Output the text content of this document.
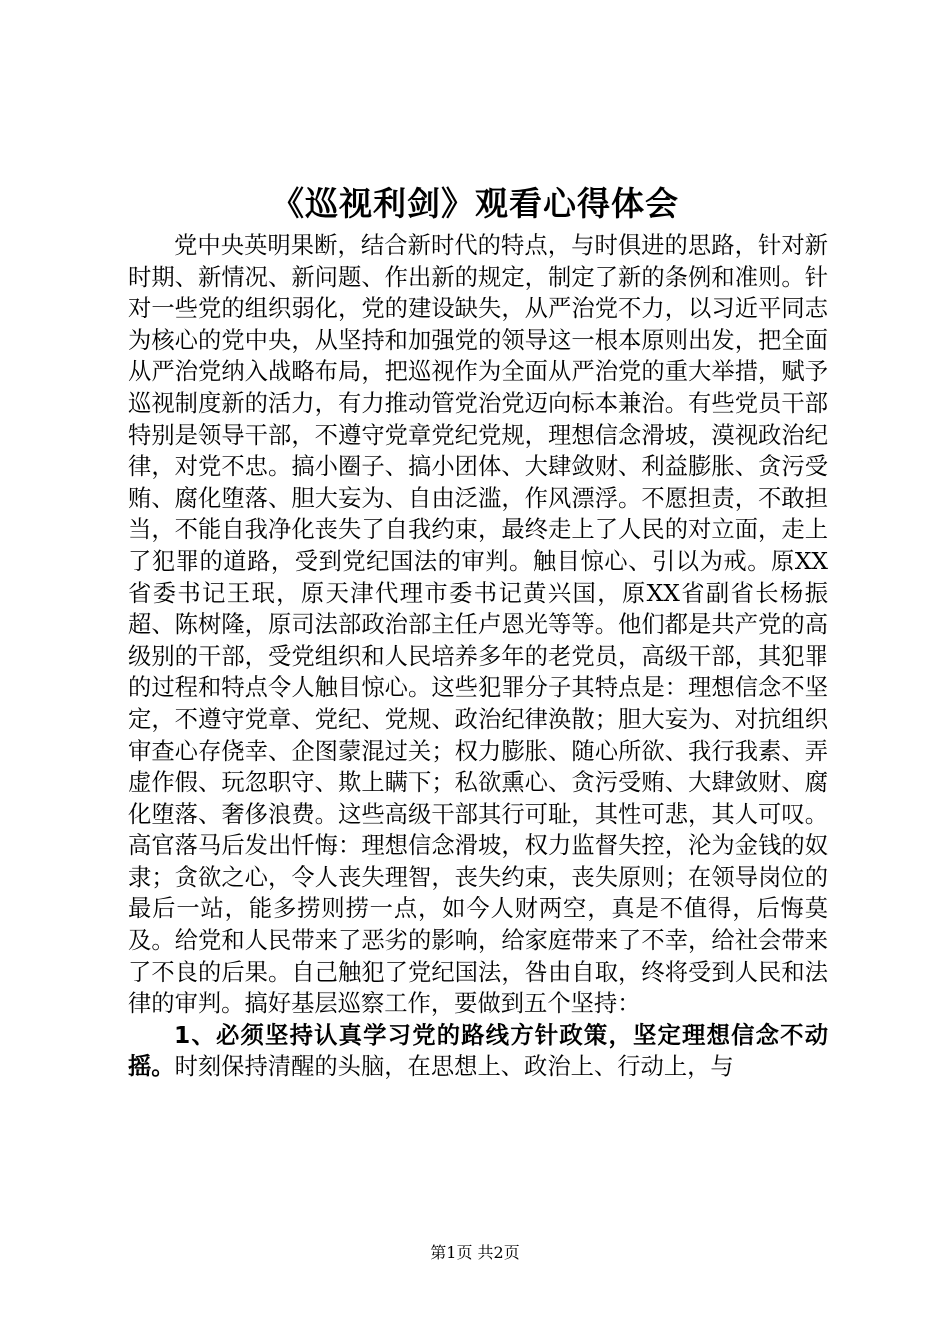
《巡视利剑》观看心得体会

党中央英明果断，结合新时代的特点，与时俱进的思路，针对新时期、新情况、新问题、作出新的规定，制定了新的条例和准则。针对一些党的组织弱化，党的建设缺失，从严治党不力，以习近平同志为核心的党中央，从坚持和加强党的领导这一根本原则出发，把全面从严治党纳入战略布局，把巡视作为全面从严治党的重大举措，赋予巡视制度新的活力，有力推动管党治党迈向标本兼治。有些党员干部特别是领导干部，不遵守党章党纪党规，理想信念滑坡，漠视政治纪律，对党不忠。搞小圈子、搞小团体、大肆敛财、利益膨胀、贪污受贿、腐化堕落、胆大妄为、自由泛滥，作风漂浮。不愿担责，不敢担当，不能自我净化丧失了自我约束，最终走上了人民的对立面，走上了犯罪的道路，受到党纪国法的审判。触目惊心、引以为戒。原XX省委书记王珉，原天津代理市委书记黄兴国，原XX省副省长杨振超、陈树隆，原司法部政治部主任卢恩光等等。他们都是共产党的高级别的干部，受党组织和人民培养多年的老党员，高级干部，其犯罪的过程和特点令人触目惊心。这些犯罪分子其特点是：理想信念不坚定，不遵守党章、党纪、党规、政治纪律涣散；胆大妄为、对抗组织审查心存侥幸、企图蒙混过关；权力膨胀、随心所欲、我行我素、弄虚作假、玩忽职守、欺上瞒下；私欲熏心、贪污受贿、大肆敛财、腐化堕落、奢侈浪费。这些高级干部其行可耻，其性可悲，其人可叹。高官落马后发出忏悔：理想信念滑坡，权力监督失控，沦为金钱的奴隶；贪欲之心，令人丧失理智，丧失约束，丧失原则；在领导岗位的最后一站，能多捞则捞一点，如今人财两空，真是不值得，后悔莫及。给党和人民带来了恶劣的影响，给家庭带来了不幸，给社会带来了不良的后果。自己触犯了党纪国法，咎由自取，终将受到人民和法律的审判。搞好基层巡察工作，要做到五个坚持：

1、必须坚持认真学习党的路线方针政策，坚定理想信念不动摇。时刻保持清醒的头脑，在思想上、政治上、行动上，与

第1页 共2页
